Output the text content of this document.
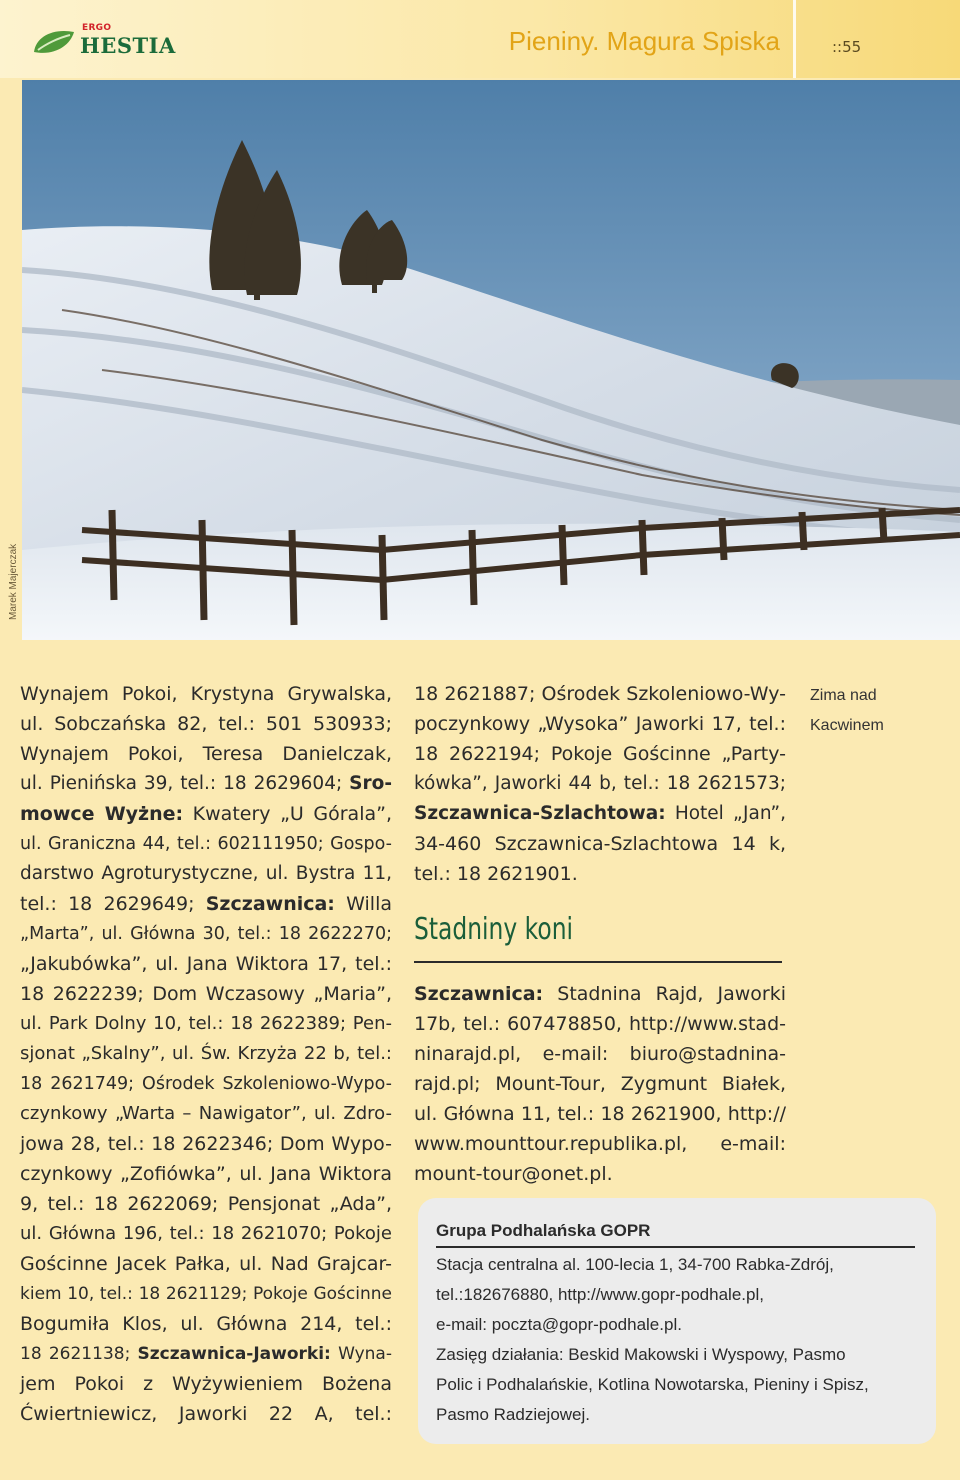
ERGO
HESTIA	Pieniny. Magura Spiska	::55
Marek Majerczak
Wynajem Pokoi, Krystyna Grywalska,
ul. Sobczańska 82, tel.: 501 530933;
Wynajem Pokoi, Teresa Danielczak,
ul. Pienińska 39, tel.: 18 2629604; Sro-
mowce Wyżne: Kwatery „U Górala”,
ul. Graniczna 44, tel.: 602111950; Gospo-
darstwo Agroturystyczne, ul. Bystra 11,
tel.: 18 2629649; Szczawnica: Willa
„Marta”, ul. Główna 30, tel.: 18 2622270;
„Jakubówka”, ul. Jana Wiktora 17, tel.:
18 2622239; Dom Wczasowy „Maria”,
ul. Park Dolny 10, tel.: 18 2622389; Pen-
sjonat „Skalny”, ul. Św. Krzyża 22 b, tel.:
18 2621749; Ośrodek Szkoleniowo-Wypo-
czynkowy „Warta – Nawigator”, ul. Zdro-
jowa 28, tel.: 18 2622346; Dom Wypo-
czynkowy „Zofiówka”, ul. Jana Wiktora
9, tel.: 18 2622069; Pensjonat „Ada”,
ul. Główna 196, tel.: 18 2621070; Pokoje
Gościnne Jacek Pałka, ul. Nad Grajcar-
kiem 10, tel.: 18 2621129; Pokoje Gościnne
Bogumiła Klos, ul. Główna 214, tel.:
18 2621138; Szczawnica-Jaworki: Wyna-
jem Pokoi z Wyżywieniem Bożena
Ćwiertniewicz, Jaworki 22 A, tel.:
18 2621887; Ośrodek Szkoleniowo-Wy-
poczynkowy „Wysoka” Jaworki 17, tel.:
18 2622194; Pokoje Gościnne „Party-
kówka”, Jaworki 44 b, tel.: 18 2621573;
Szczawnica-Szlachtowa: Hotel „Jan”,
34-460 Szczawnica-Szlachtowa 14 k,
tel.: 18 2621901.
Zima nad
Kacwinem
Stadniny koni
Szczawnica: Stadnina Rajd, Jaworki
17b, tel.: 607478850, http://www.stad-
ninarajd.pl, e-mail: biuro@stadnina-
rajd.pl; Mount-Tour, Zygmunt Białek,
ul. Główna 11, tel.: 18 2621900, http://
www.mounttour.republika.pl, e-mail:
mount-tour@onet.pl.
Grupa Podhalańska GOPR
Stacja centralna al. 100-lecia 1, 34-700 Rabka-Zdrój,
tel.:182676880, http://www.gopr-podhale.pl,
e-mail: poczta@gopr-podhale.pl.
Zasięg działania: Beskid Makowski i Wyspowy, Pasmo
Polic i Podhalańskie, Kotlina Nowotarska, Pieniny i Spisz,
Pasmo Radziejowej.
